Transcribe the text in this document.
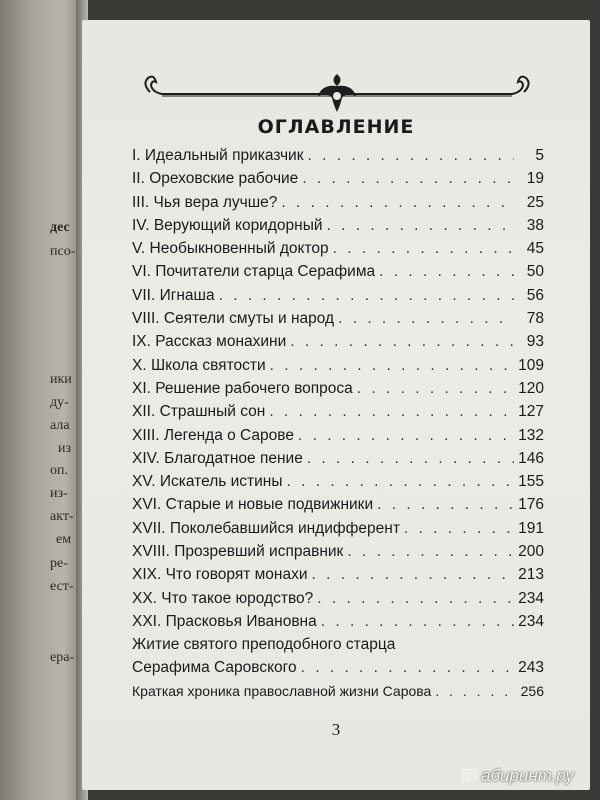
дес
псо-
ики
ду-
ала
из
оп.
из-
акт-
ем
ре-
ест-
ера-
ОГЛАВЛЕНИЕ
I. Идеальный приказчик . . .	5
II. Ореховские рабочие . . .	19
III. Чья вера лучше? . . .	25
IV. Верующий коридорный . . .	38
V. Необыкновенный доктор . . .	45
VI. Почитатели старца Серафима . . .	50
VII. Игнаша . . .	56
VIII. Сеятели смуты и народ . . .	78
IX. Рассказ монахини . . .	93
X. Школа святости . . .	109
XI. Решение рабочего вопроса . . .	120
XII. Страшный сон . . .	127
XIII. Легенда о Сарове . . .	132
XIV. Благодатное пение . . .	146
XV. Искатель истины . . .	155
XVI. Старые и новые подвижники . . .	176
XVII. Поколебавшийся индифферент . . .	191
XVIII. Прозревший исправник . . .	200
XIX. Что говорят монахи . . .	213
XX. Что такое юродство? . . .	234
XXI. Прасковья Ивановна . . .	234
Житие святого преподобного старца
Серафима Саровского . . .	243
Краткая хроника православной жизни Сарова . . .	256
3
абиринт.ру
